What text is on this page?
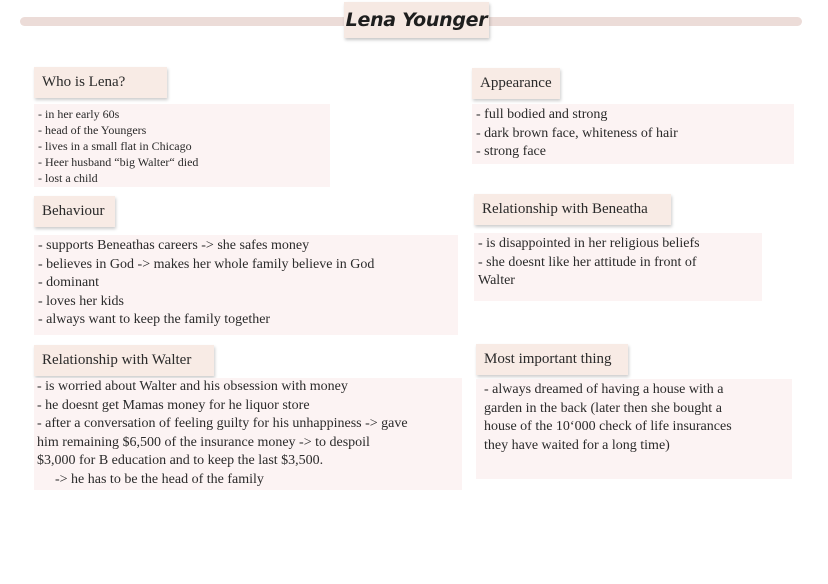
Lena Younger
Who is Lena?
- in her early 60s
- head of the Youngers
- lives in a small flat in Chicago
- Heer husband “big Walter“ died
- lost a child
Appearance
- full bodied and strong
- dark brown face, whiteness of hair
- strong face
Behaviour
- supports Beneathas careers -> she safes money
- believes in God -> makes her whole family believe in God
- dominant
- loves her kids
- always want to keep the family together
Relationship with Beneatha
- is disappointed in her religious beliefs
- she doesnt like her attitude in front of
Walter
Relationship with Walter
- is worried about Walter and his obsession with money
- he doesnt get Mamas money for he liquor store
- after a conversation of feeling guilty for his unhappiness -> gave
him remaining $6,500 of the insurance money -> to despoil
$3,000 for B education and to keep the last $3,500.
-> he has to be the head of the family
Most important thing
- always dreamed of having a house with a
garden in the back (later then she bought a
house of the 10‘000 check of life insurances
they have waited for a long time)
